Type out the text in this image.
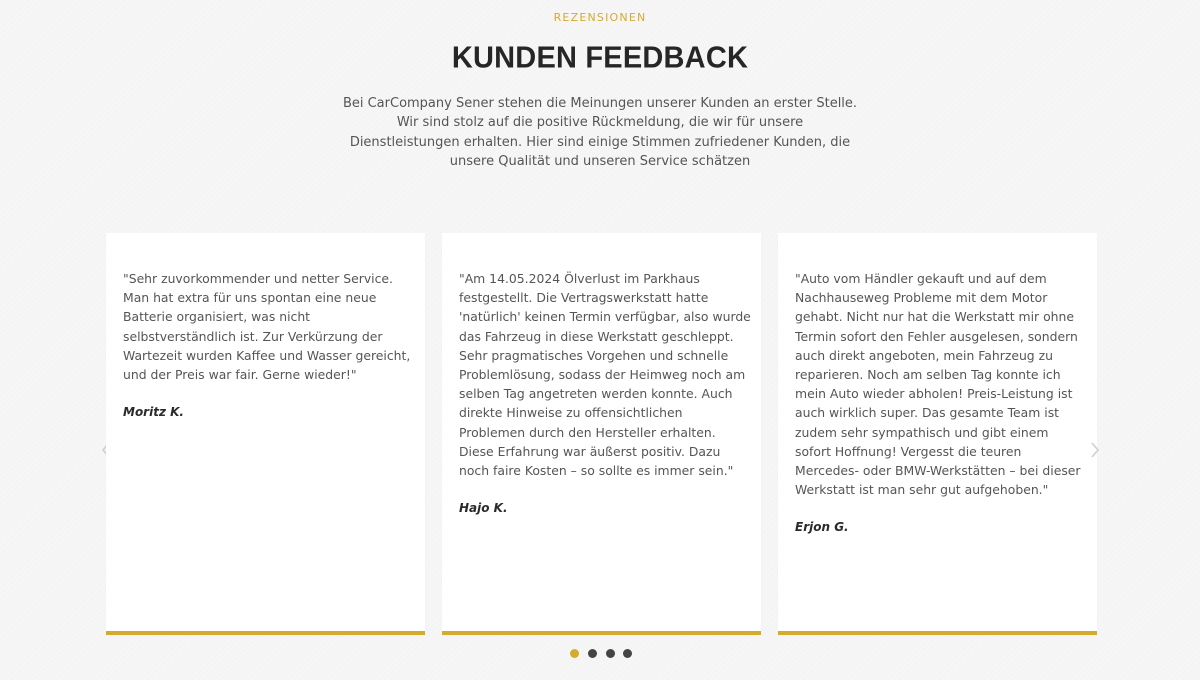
REZENSIONEN
KUNDEN FEEDBACK

Bei CarCompany Sener stehen die Meinungen unserer Kunden an erster Stelle. Wir sind stolz auf die positive Rückmeldung, die wir für unsere Dienstleistungen erhalten. Hier sind einige Stimmen zufriedener Kunden, die unsere Qualität und unseren Service schätzen

"Sehr zuvorkommender und netter Service. Man hat extra für uns spontan eine neue Batterie organisiert, was nicht selbstverständlich ist. Zur Verkürzung der Wartezeit wurden Kaffee und Wasser gereicht, und der Preis war fair. Gerne wieder!"
Moritz K.

"Am 14.05.2024 Ölverlust im Parkhaus festgestellt. Die Vertragswerkstatt hatte 'natürlich' keinen Termin verfügbar, also wurde das Fahrzeug in diese Werkstatt geschleppt. Sehr pragmatisches Vorgehen und schnelle Problemlösung, sodass der Heimweg noch am selben Tag angetreten werden konnte. Auch direkte Hinweise zu offensichtlichen Problemen durch den Hersteller erhalten. Diese Erfahrung war äußerst positiv. Dazu noch faire Kosten – so sollte es immer sein."
Hajo K.

"Auto vom Händler gekauft und auf dem Nachhauseweg Probleme mit dem Motor gehabt. Nicht nur hat die Werkstatt mir ohne Termin sofort den Fehler ausgelesen, sondern auch direkt angeboten, mein Fahrzeug zu reparieren. Noch am selben Tag konnte ich mein Auto wieder abholen! Preis-Leistung ist auch wirklich super. Das gesamte Team ist zudem sehr sympathisch und gibt einem sofort Hoffnung! Vergesst die teuren Mercedes- oder BMW-Werkstätten – bei dieser Werkstatt ist man sehr gut aufgehoben."
Erjon G.
